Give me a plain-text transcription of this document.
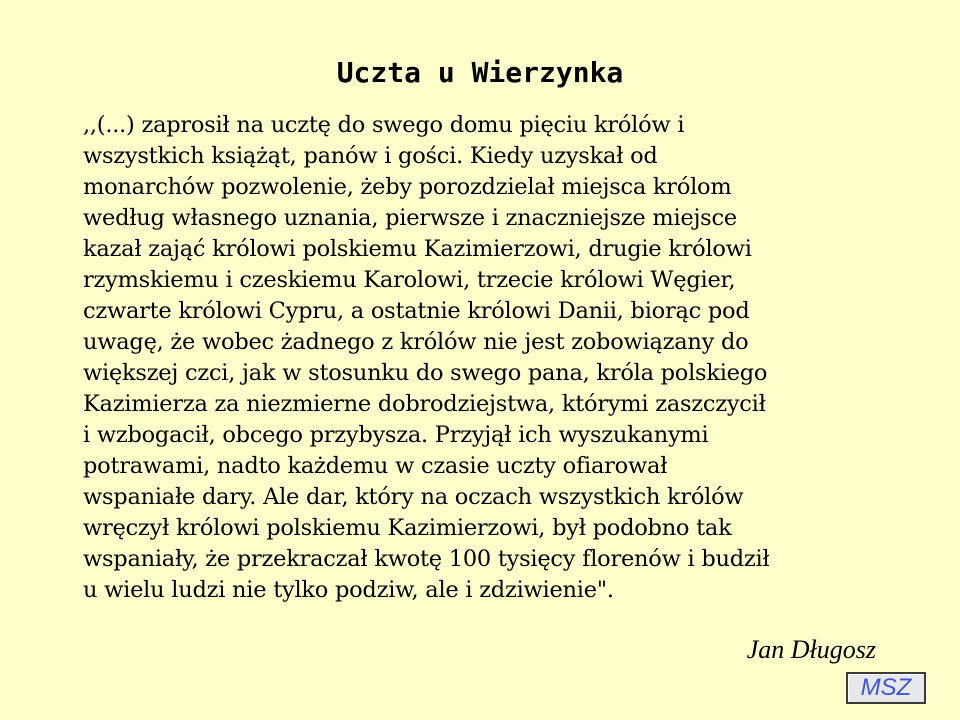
Uczta u Wierzynka
,,(...) zaprosił na ucztę do swego domu pięciu królów i
wszystkich książąt, panów i gości. Kiedy uzyskał od
monarchów pozwolenie, żeby porozdzielał miejsca królom
według własnego uznania, pierwsze i znaczniejsze miejsce
kazał zająć królowi polskiemu Kazimierzowi, drugie królowi
rzymskiemu i czeskiemu Karolowi, trzecie królowi Węgier,
czwarte królowi Cypru, a ostatnie królowi Danii, biorąc pod
uwagę, że wobec żadnego z królów nie jest zobowiązany do
większej czci, jak w stosunku do swego pana, króla polskiego
Kazimierza za niezmierne dobrodziejstwa, którymi zaszczycił
i wzbogacił, obcego przybysza. Przyjął ich wyszukanymi
potrawami, nadto każdemu w czasie uczty ofiarował
wspaniałe dary. Ale dar, który na oczach wszystkich królów
wręczył królowi polskiemu Kazimierzowi, był podobno tak
wspaniały, że przekraczał kwotę 100 tysięcy florenów i budził
u wielu ludzi nie tylko podziw, ale i zdziwienie".
Jan Długosz
MSZ
